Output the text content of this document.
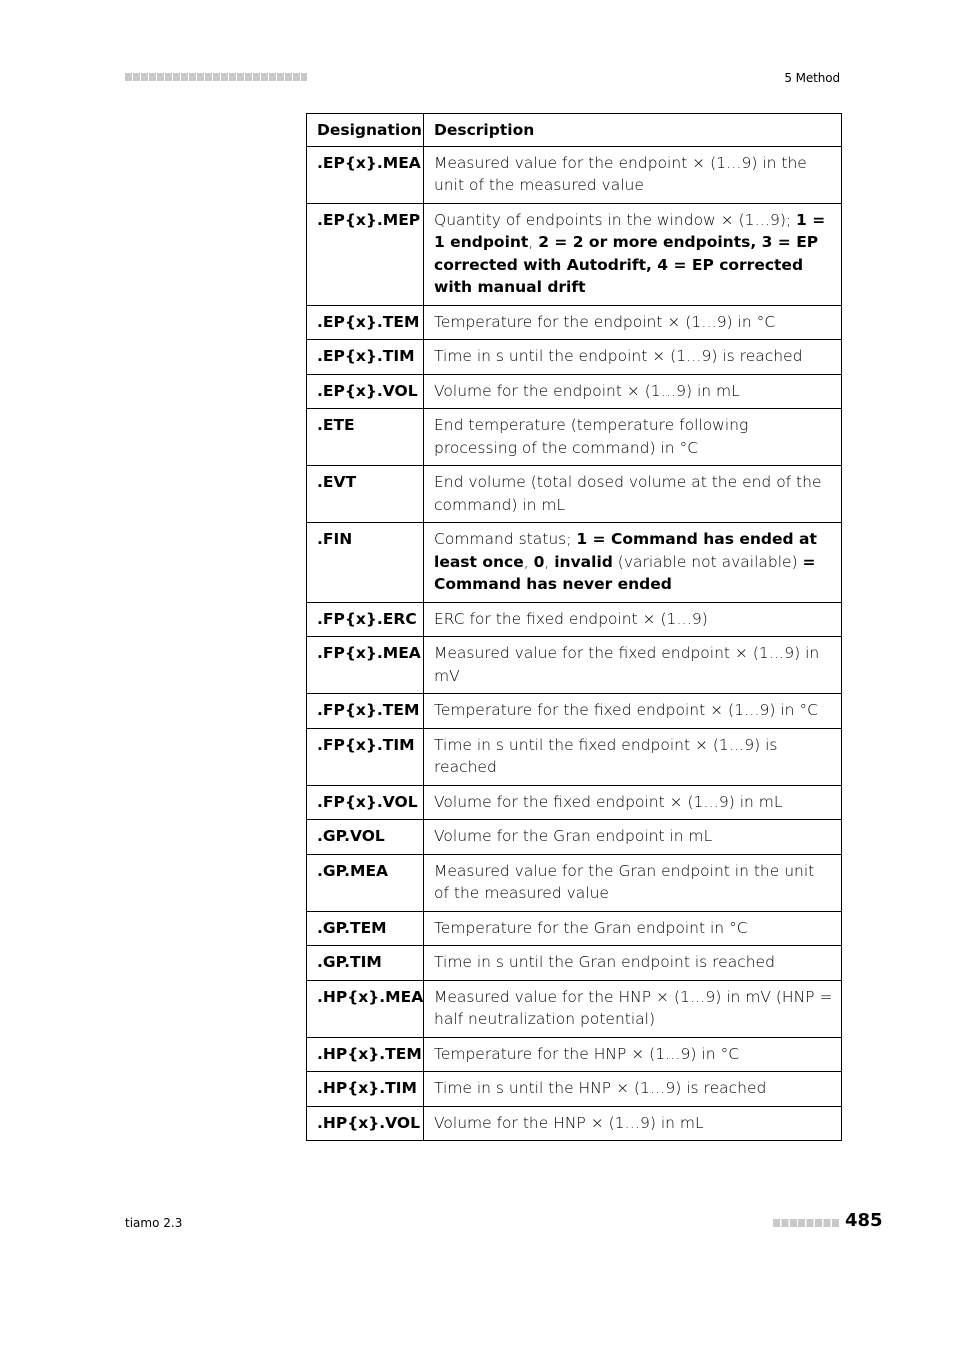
5 Method
Designation	Description
.EP{x}.MEA	Measured value for the endpoint × (1…9) in the unit of the measured value
.EP{x}.MEP	Quantity of endpoints in the window × (1…9); 1 = 1 endpoint, 2 = 2 or more endpoints, 3 = EP corrected with Autodrift, 4 = EP corrected with manual drift
.EP{x}.TEM	Temperature for the endpoint × (1…9) in °C
.EP{x}.TIM	Time in s until the endpoint × (1…9) is reached
.EP{x}.VOL	Volume for the endpoint × (1…9) in mL
.ETE	End temperature (temperature following processing of the command) in °C
.EVT	End volume (total dosed volume at the end of the command) in mL
.FIN	Command status; 1 = Command has ended at least once, 0, invalid (variable not available) = Command has never ended
.FP{x}.ERC	ERC for the fixed endpoint × (1…9)
.FP{x}.MEA	Measured value for the fixed endpoint × (1…9) in mV
.FP{x}.TEM	Temperature for the fixed endpoint × (1…9) in °C
.FP{x}.TIM	Time in s until the fixed endpoint × (1…9) is reached
.FP{x}.VOL	Volume for the fixed endpoint × (1…9) in mL
.GP.VOL	Volume for the Gran endpoint in mL
.GP.MEA	Measured value for the Gran endpoint in the unit of the measured value
.GP.TEM	Temperature for the Gran endpoint in °C
.GP.TIM	Time in s until the Gran endpoint is reached
.HP{x}.MEA	Measured value for the HNP × (1…9) in mV (HNP = half neutralization potential)
.HP{x}.TEM	Temperature for the HNP × (1…9) in °C
.HP{x}.TIM	Time in s until the HNP × (1…9) is reached
.HP{x}.VOL	Volume for the HNP × (1…9) in mL
tiamo 2.3	485
